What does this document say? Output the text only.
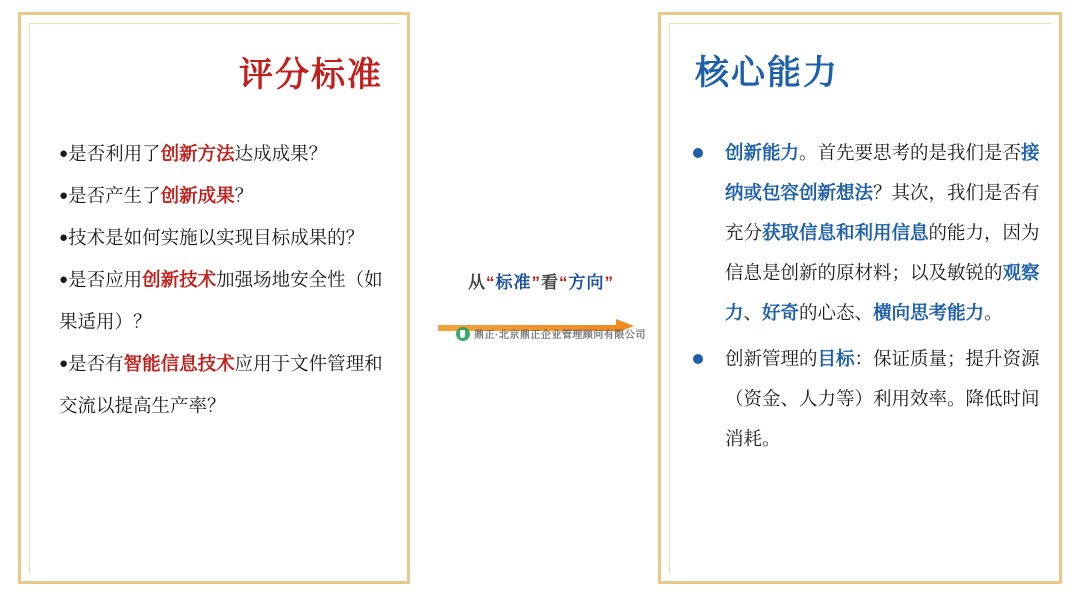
评分标准
●是否利用了创新方法达成成果？
●是否产生了创新成果？
●技术是如何实施以实现目标成果的？
●是否应用创新技术加强场地安全性（如果适用）？
●是否有智能信息技术应用于文件管理和交流以提高生产率？
从“标准”看“方向”
鼎正·北京鼎正企业管理顾问有限公司
核心能力
创新能力。首先要思考的是我们是否接纳或包容创新想法？其次，我们是否有充分获取信息和利用信息的能力，因为信息是创新的原材料；以及敏锐的观察力、好奇的心态、横向思考能力。
创新管理的目标：保证质量；提升资源（资金、人力等）利用效率。降低时间消耗。
